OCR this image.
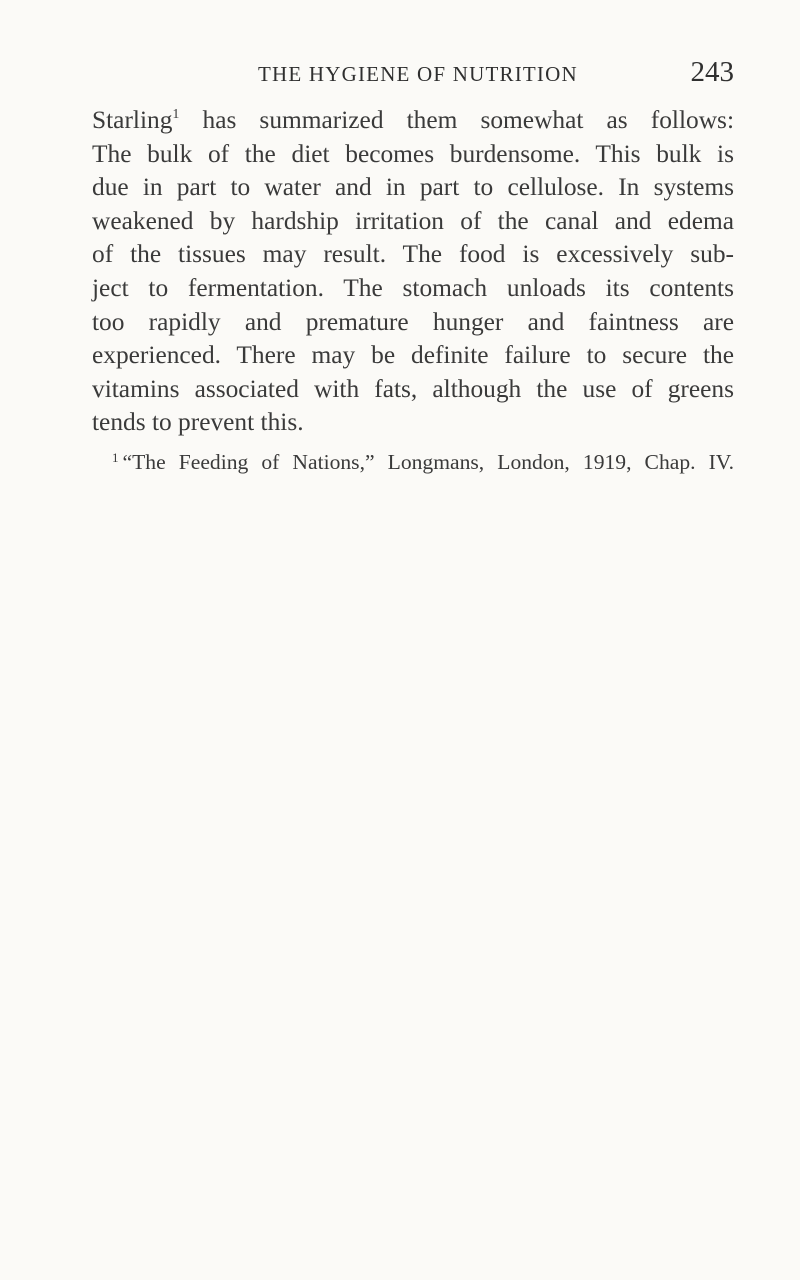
THE HYGIENE OF NUTRITION	243

Starling$^1$ has summarized them somewhat as follows:
The bulk of the diet becomes burdensome. This bulk is
due in part to water and in part to cellulose. In systems
weakened by hardship irritation of the canal and edema
of the tissues may result. The food is excessively sub-
ject to fermentation. The stomach unloads its contents
too rapidly and premature hunger and faintness are
experienced. There may be definite failure to secure the
vitamins associated with fats, although the use of greens
tends to prevent this.

$^1$ “The Feeding of Nations,” Longmans, London, 1919, Chap. IV.
